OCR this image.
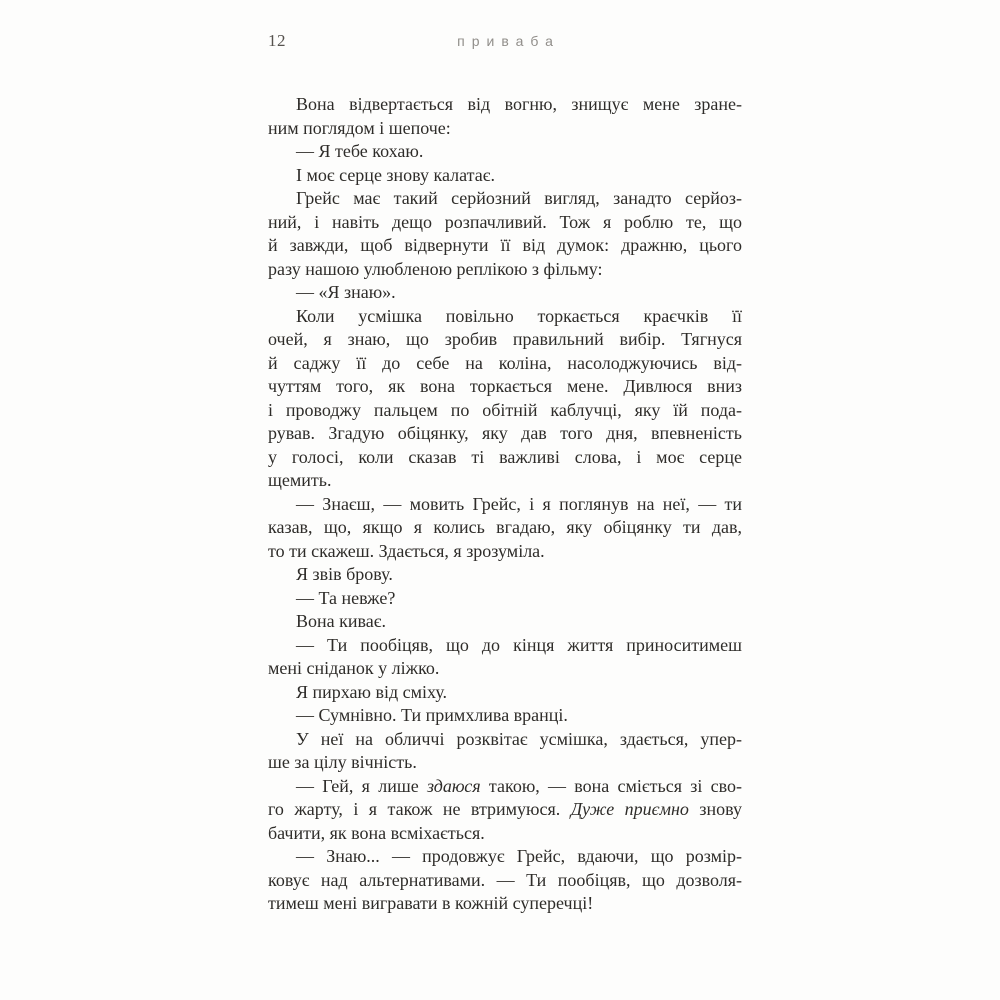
12	приваба
Вона відвертається від вогню, знищує мене зране-
ним поглядом і шепоче:
— Я тебе кохаю.
І моє серце знову калатає.
Грейс має такий серйозний вигляд, занадто серйоз-
ний, і навіть дещо розпачливий. Тож я роблю те, що
й завжди, щоб відвернути її від думок: дражню, цього
разу нашою улюбленою реплікою з фільму:
— «Я знаю».
Коли усмішка повільно торкається краєчків її
очей, я знаю, що зробив правильний вибір. Тягнуся
й саджу її до себе на коліна, насолоджуючись від-
чуттям того, як вона торкається мене. Дивлюся вниз
і проводжу пальцем по обітній каблучці, яку їй пода-
рував. Згадую обіцянку, яку дав того дня, впевненість
у голосі, коли сказав ті важливі слова, і моє серце
щемить.
— Знаєш, — мовить Грейс, і я поглянув на неї, — ти
казав, що, якщо я колись вгадаю, яку обіцянку ти дав,
то ти скажеш. Здається, я зрозуміла.
Я звів брову.
— Та невже?
Вона киває.
— Ти пообіцяв, що до кінця життя приноситимеш
мені сніданок у ліжко.
Я пирхаю від сміху.
— Сумнівно. Ти примхлива вранці.
У неї на обличчі розквітає усмішка, здається, упер-
ше за цілу вічність.
— Гей, я лише здаюся такою, — вона сміється зі сво-
го жарту, і я також не втримуюся. Дуже приємно знову
бачити, як вона всміхається.
— Знаю... — продовжує Грейс, вдаючи, що розмір-
ковує над альтернативами. — Ти пообіцяв, що дозволя-
тимеш мені вигравати в кожній суперечці!
